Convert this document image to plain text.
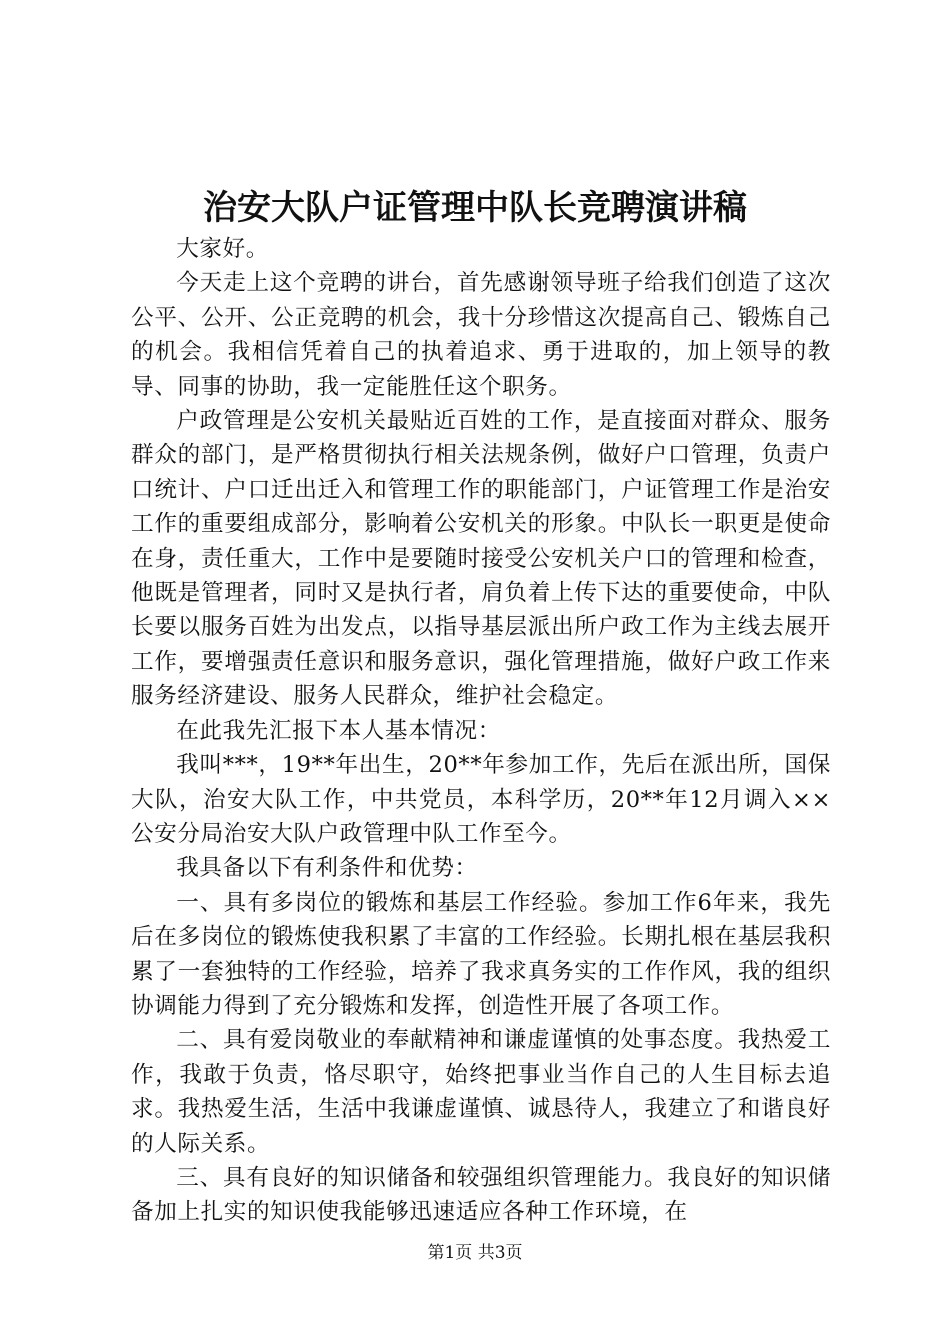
治安大队户证管理中队长竞聘演讲稿

大家好。

今天走上这个竞聘的讲台，首先感谢领导班子给我们创造了这次公平、公开、公正竞聘的机会，我十分珍惜这次提高自己、锻炼自己的机会。我相信凭着自己的执着追求、勇于进取的，加上领导的教导、同事的协助，我一定能胜任这个职务。

户政管理是公安机关最贴近百姓的工作，是直接面对群众、服务群众的部门，是严格贯彻执行相关法规条例，做好户口管理，负责户口统计、户口迁出迁入和管理工作的职能部门，户证管理工作是治安工作的重要组成部分，影响着公安机关的形象。中队长一职更是使命在身，责任重大，工作中是要随时接受公安机关户口的管理和检查，他既是管理者，同时又是执行者，肩负着上传下达的重要使命，中队长要以服务百姓为出发点，以指导基层派出所户政工作为主线去展开工作，要增强责任意识和服务意识，强化管理措施，做好户政工作来服务经济建设、服务人民群众，维护社会稳定。

在此我先汇报下本人基本情况：

我叫***，19**年出生，20**年参加工作，先后在派出所，国保大队，治安大队工作，中共党员，本科学历，20**年12月调入××公安分局治安大队户政管理中队工作至今。

我具备以下有利条件和优势：

一、具有多岗位的锻炼和基层工作经验。参加工作6年来，我先后在多岗位的锻炼使我积累了丰富的工作经验。长期扎根在基层我积累了一套独特的工作经验，培养了我求真务实的工作作风，我的组织协调能力得到了充分锻炼和发挥，创造性开展了各项工作。

二、具有爱岗敬业的奉献精神和谦虚谨慎的处事态度。我热爱工作，我敢于负责，恪尽职守，始终把事业当作自己的人生目标去追求。我热爱生活，生活中我谦虚谨慎、诚恳待人，我建立了和谐良好的人际关系。

三、具有良好的知识储备和较强组织管理能力。我良好的知识储备加上扎实的知识使我能够迅速适应各种工作环境，在

第1页 共3页
